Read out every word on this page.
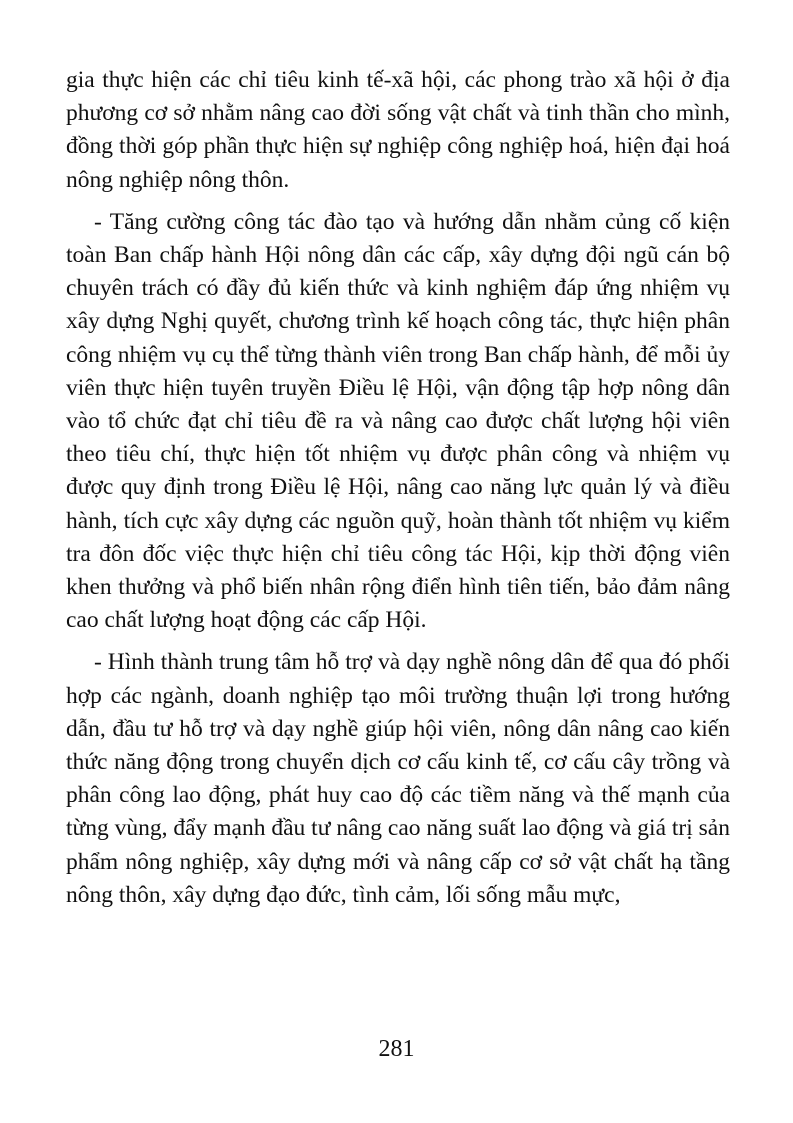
gia thực hiện các chỉ tiêu kinh tế-xã hội, các phong trào xã hội ở địa phương cơ sở nhằm nâng cao đời sống vật chất và tinh thần cho mình, đồng thời góp phần thực hiện sự nghiệp công nghiệp hoá, hiện đại hoá nông nghiệp nông thôn.

- Tăng cường công tác đào tạo và hướng dẫn nhằm củng cố kiện toàn Ban chấp hành Hội nông dân các cấp, xây dựng đội ngũ cán bộ chuyên trách có đầy đủ kiến thức và kinh nghiệm đáp ứng nhiệm vụ xây dựng Nghị quyết, chương trình kế hoạch công tác, thực hiện phân công nhiệm vụ cụ thể từng thành viên trong Ban chấp hành, để mỗi ủy viên thực hiện tuyên truyền Điều lệ Hội, vận động tập hợp nông dân vào tổ chức đạt chỉ tiêu đề ra và nâng cao được chất lượng hội viên theo tiêu chí, thực hiện tốt nhiệm vụ được phân công và nhiệm vụ được quy định trong Điều lệ Hội, nâng cao năng lực quản lý và điều hành, tích cực xây dựng các nguồn quỹ, hoàn thành tốt nhiệm vụ kiểm tra đôn đốc việc thực hiện chỉ tiêu công tác Hội, kịp thời động viên khen thưởng và phổ biến nhân rộng điển hình tiên tiến, bảo đảm nâng cao chất lượng hoạt động các cấp Hội.

- Hình thành trung tâm hỗ trợ và dạy nghề nông dân để qua đó phối hợp các ngành, doanh nghiệp tạo môi trường thuận lợi trong hướng dẫn, đầu tư hỗ trợ và dạy nghề giúp hội viên, nông dân nâng cao kiến thức năng động trong chuyển dịch cơ cấu kinh tế, cơ cấu cây trồng và phân công lao động, phát huy cao độ các tiềm năng và thế mạnh của từng vùng, đẩy mạnh đầu tư nâng cao năng suất lao động và giá trị sản phẩm nông nghiệp, xây dựng mới và nâng cấp cơ sở vật chất hạ tầng nông thôn, xây dựng đạo đức, tình cảm, lối sống mẫu mực,

281
